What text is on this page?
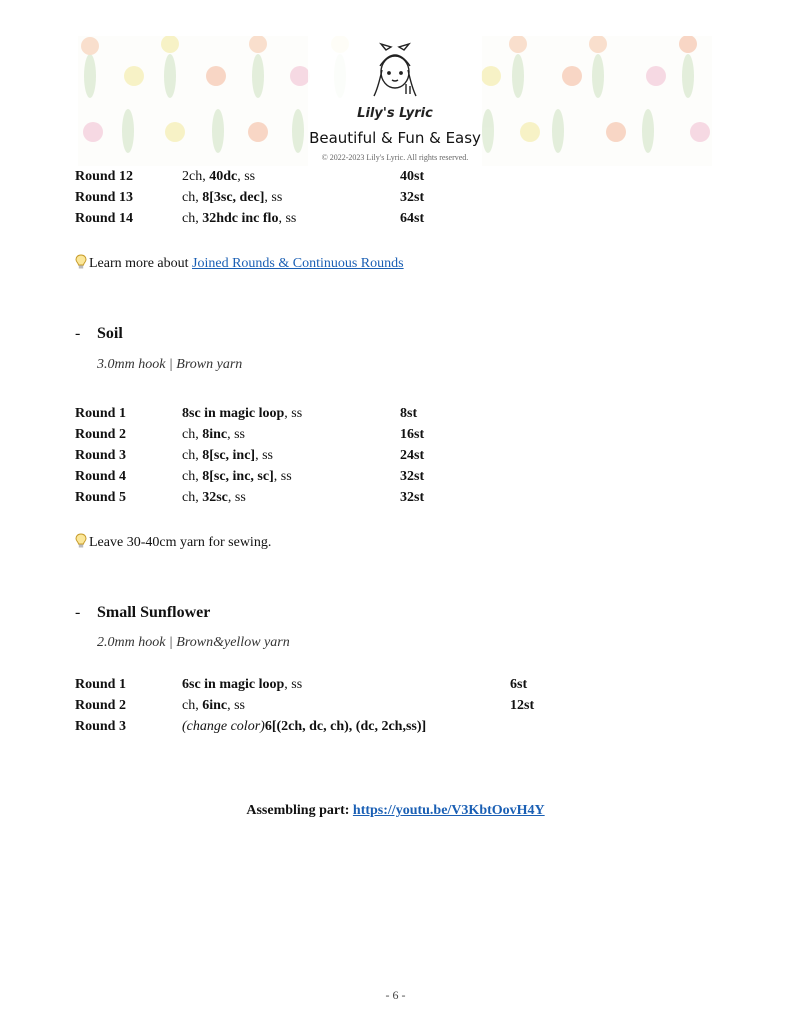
Lily's Lyric
Beautiful & Fun & Easy
© 2022-2023 Lily's Lyric. All rights reserved.
Round 12	2ch, 40dc, ss	40st
Round 13	ch, 8[3sc, dec], ss	32st
Round 14	ch, 32hdc inc flo, ss	64st
Learn more about Joined Rounds & Continuous Rounds
- Soil
3.0mm hook | Brown yarn
Round 1	8sc in magic loop, ss	8st
Round 2	ch, 8inc, ss	16st
Round 3	ch, 8[sc, inc], ss	24st
Round 4	ch, 8[sc, inc, sc], ss	32st
Round 5	ch, 32sc, ss	32st
Leave 30-40cm yarn for sewing.
- Small Sunflower
2.0mm hook | Brown&yellow yarn
Round 1	6sc in magic loop, ss	6st
Round 2	ch, 6inc, ss	12st
Round 3	(change color)6[(2ch, dc, ch), (dc, 2ch,ss)]
Assembling part: https://youtu.be/V3KbtOovH4Y
- 6 -
